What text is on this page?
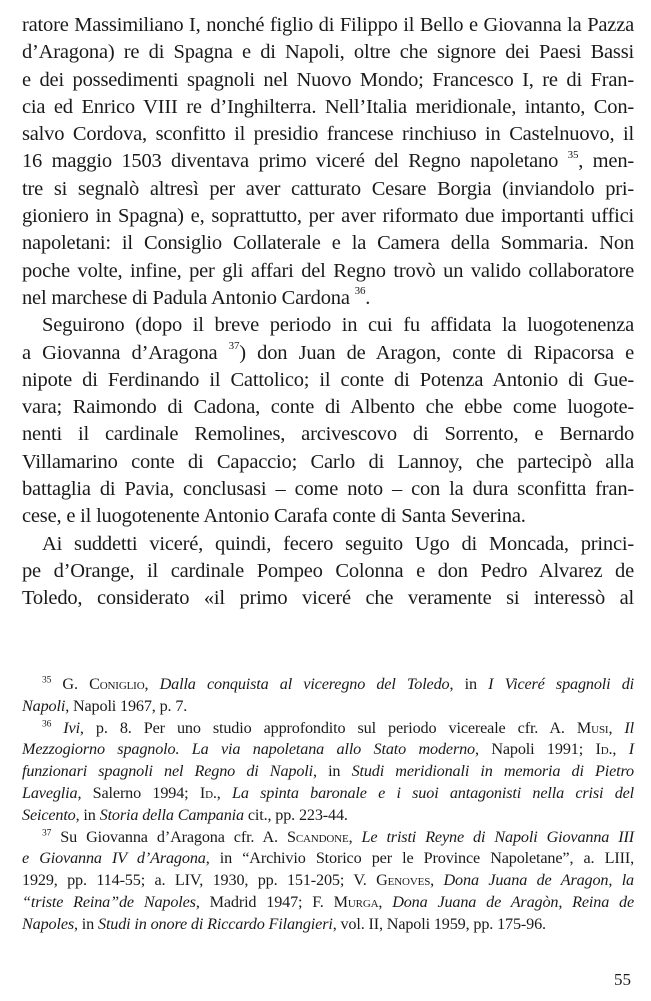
ratore Massimiliano I, nonché figlio di Filippo il Bello e Giovanna la Pazza
d’Aragona) re di Spagna e di Napoli, oltre che signore dei Paesi Bassi
e dei possedimenti spagnoli nel Nuovo Mondo; Francesco I, re di Fran-
cia ed Enrico VIII re d’Inghilterra. Nell’Italia meridionale, intanto, Con-
salvo Cordova, sconfitto il presidio francese rinchiuso in Castelnuovo, il
16 maggio 1503 diventava primo viceré del Regno napoletano $^{35}$, men-
tre si segnalò altresì per aver catturato Cesare Borgia (inviandolo pri-
gioniero in Spagna) e, soprattutto, per aver riformato due importanti uffici
napoletani: il Consiglio Collaterale e la Camera della Sommaria. Non
poche volte, infine, per gli affari del Regno trovò un valido collaboratore
nel marchese di Padula Antonio Cardona $^{36}$.

Seguirono (dopo il breve periodo in cui fu affidata la luogotenenza
a Giovanna d’Aragona $^{37}$) don Juan de Aragon, conte di Ripacorsa e
nipote di Ferdinando il Cattolico; il conte di Potenza Antonio di Gue-
vara; Raimondo di Cadona, conte di Albento che ebbe come luogote-
nenti il cardinale Remolines, arcivescovo di Sorrento, e Bernardo
Villamarino conte di Capaccio; Carlo di Lannoy, che partecipò alla
battaglia di Pavia, conclusasi – come noto – con la dura sconfitta fran-
cese, e il luogotenente Antonio Carafa conte di Santa Severina.

Ai suddetti viceré, quindi, fecero seguito Ugo di Moncada, princi-
pe d’Orange, il cardinale Pompeo Colonna e don Pedro Alvarez de
Toledo, considerato «il primo viceré che veramente si interessò al

$^{35}$ G. Coniglio, Dalla conquista al viceregno del Toledo, in I Viceré spagnoli di
Napoli, Napoli 1967, p. 7.

$^{36}$ Ivi, p. 8. Per uno studio approfondito sul periodo vicereale cfr. A. Musi, Il
Mezzogiorno spagnolo. La via napoletana allo Stato moderno, Napoli 1991; Id., I
funzionari spagnoli nel Regno di Napoli, in Studi meridionali in memoria di Pietro
Laveglia, Salerno 1994; Id., La spinta baronale e i suoi antagonisti nella crisi del
Seicento, in Storia della Campania cit., pp. 223-44.

$^{37}$ Su Giovanna d’Aragona cfr. A. Scandone, Le tristi Reyne di Napoli Giovanna III
e Giovanna IV d’Aragona, in “Archivio Storico per le Province Napoletane”, a. LIII,
1929, pp. 114-55; a. LIV, 1930, pp. 151-205; V. Genoves, Dona Juana de Aragon, la
“triste Reina”de Napoles, Madrid 1947; F. Murga, Dona Juana de Aragòn, Reina de
Napoles, in Studi in onore di Riccardo Filangieri, vol. II, Napoli 1959, pp. 175-96.

55
